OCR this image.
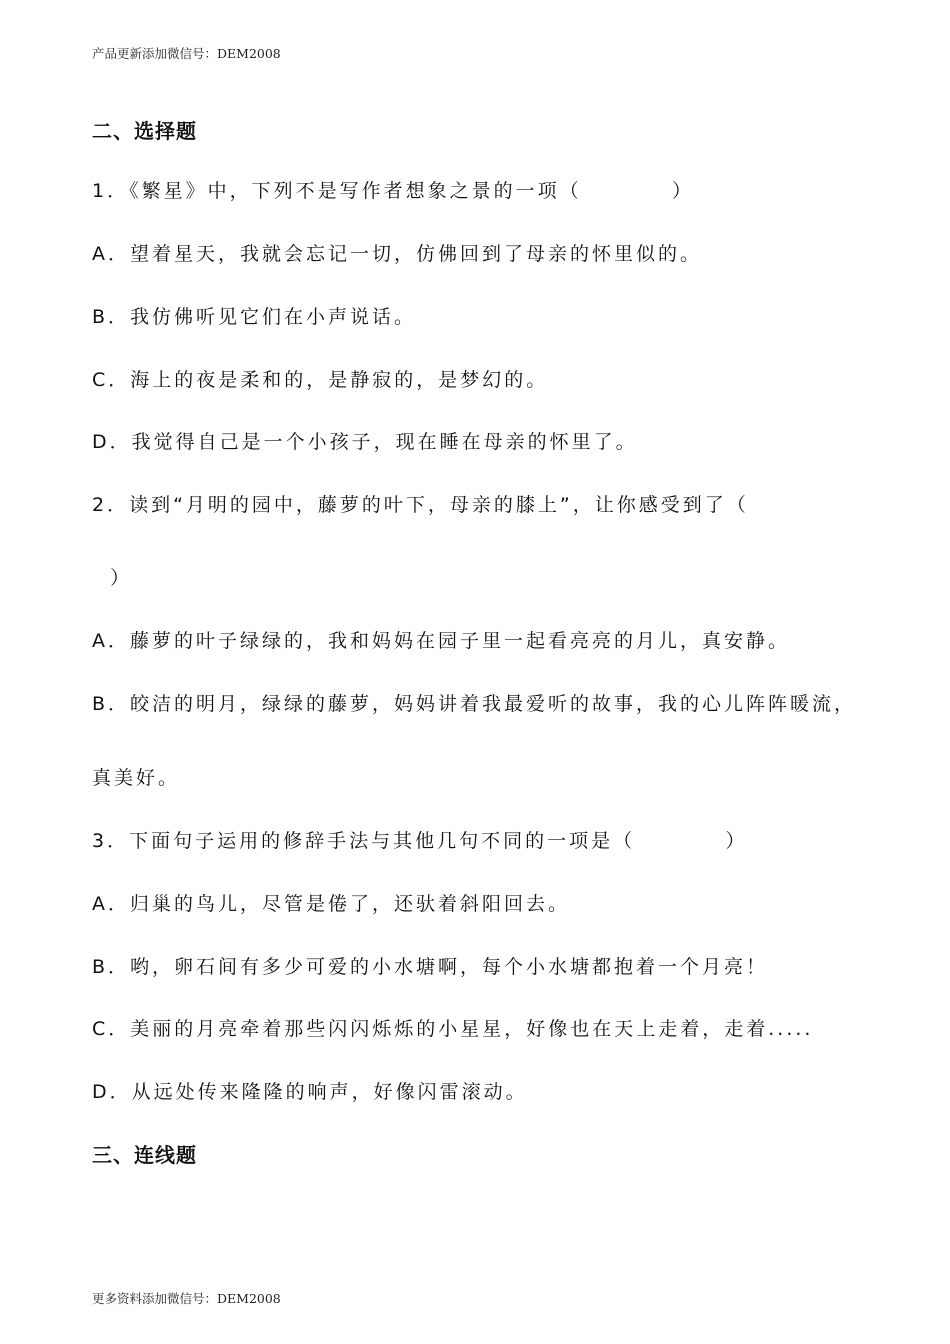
产品更新添加微信号：DEM2008
二、选择题
1．《繁星》中，下列不是写作者想象之景的一项（          ）
A．望着星天，我就会忘记一切，仿佛回到了母亲的怀里似的。
B．我仿佛听见它们在小声说话。
C．海上的夜是柔和的，是静寂的，是梦幻的。
D．我觉得自己是一个小孩子，现在睡在母亲的怀里了。
2．读到“月明的园中，藤萝的叶下，母亲的膝上”，让你感受到了（
）
A．藤萝的叶子绿绿的，我和妈妈在园子里一起看亮亮的月儿，真安静。
B．皎洁的明月，绿绿的藤萝，妈妈讲着我最爱听的故事，我的心儿阵阵暖流，
真美好。
3．下面句子运用的修辞手法与其他几句不同的一项是（          ）
A．归巢的鸟儿，尽管是倦了，还驮着斜阳回去。
B．哟，卵石间有多少可爱的小水塘啊，每个小水塘都抱着一个月亮！
C．美丽的月亮牵着那些闪闪烁烁的小星星，好像也在天上走着，走着.....
D．从远处传来隆隆的响声，好像闪雷滚动。
三、连线题
更多资料添加微信号：DEM2008
